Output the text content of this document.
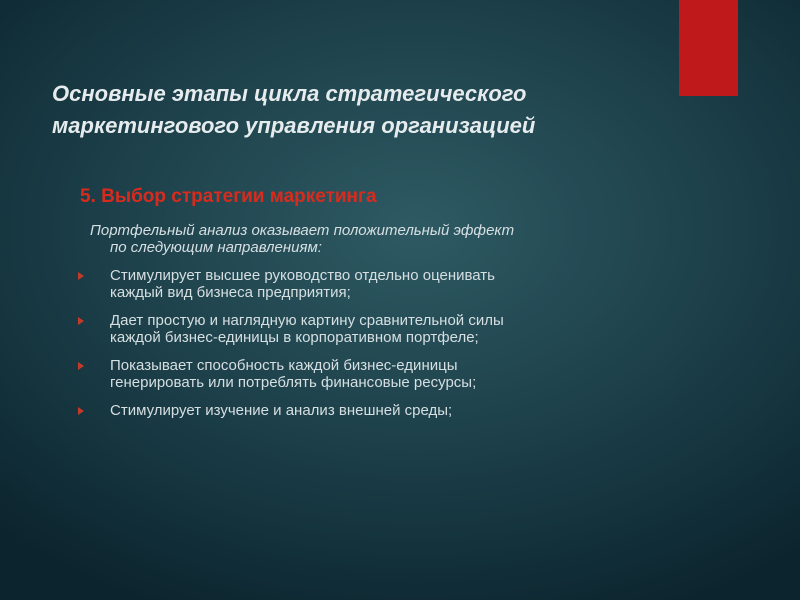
Основные этапы цикла стратегического
маркетингового управления организацией
5. Выбор стратегии маркетинга
Портфельный анализ оказывает положительный эффект
по следующим направлениям:
Стимулирует высшее руководство отдельно оценивать
каждый вид бизнеса предприятия;
Дает простую и наглядную картину сравнительной силы
каждой бизнес-единицы в корпоративном портфеле;
Показывает способность каждой бизнес-единицы
генерировать или потреблять финансовые ресурсы;
Стимулирует изучение и анализ внешней среды;
